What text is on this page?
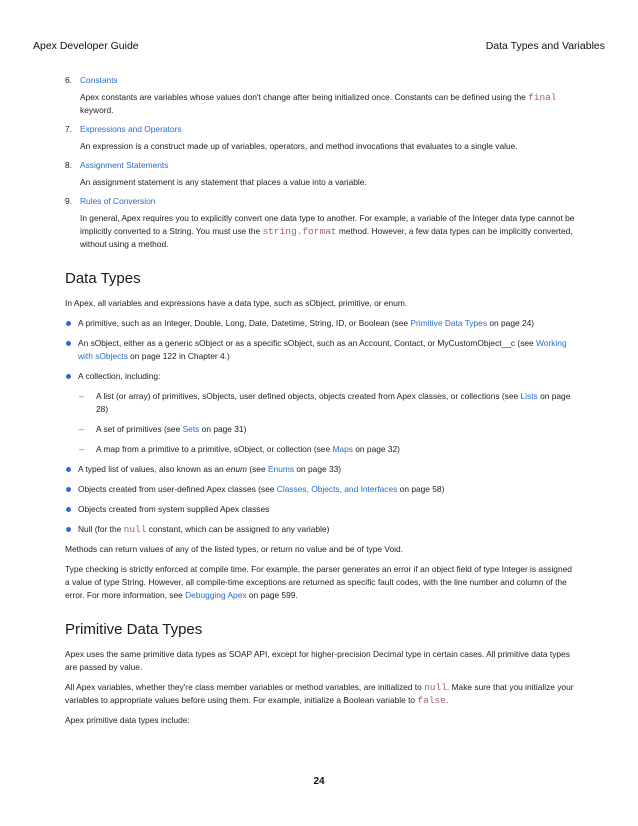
Apex Developer Guide	Data Types and Variables
6. Constants
Apex constants are variables whose values don't change after being initialized once. Constants can be defined using the final keyword.
7. Expressions and Operators
An expression is a construct made up of variables, operators, and method invocations that evaluates to a single value.
8. Assignment Statements
An assignment statement is any statement that places a value into a variable.
9. Rules of Conversion
In general, Apex requires you to explicitly convert one data type to another. For example, a variable of the Integer data type cannot be implicitly converted to a String. You must use the string.format method. However, a few data types can be implicitly converted, without using a method.
Data Types

In Apex, all variables and expressions have a data type, such as sObject, primitive, or enum.

A primitive, such as an Integer, Double, Long, Date, Datetime, String, ID, or Boolean (see Primitive Data Types on page 24)
An sObject, either as a generic sObject or as a specific sObject, such as an Account, Contact, or MyCustomObject__c (see Working with sObjects on page 122 in Chapter 4.)
A collection, including:
– A list (or array) of primitives, sObjects, user defined objects, objects created from Apex classes, or collections (see Lists on page 28)
– A set of primitives (see Sets on page 31)
– A map from a primitive to a primitive, sObject, or collection (see Maps on page 32)
A typed list of values, also known as an enum (see Enums on page 33)
Objects created from user-defined Apex classes (see Classes, Objects, and Interfaces on page 58)
Objects created from system supplied Apex classes
Null (for the null constant, which can be assigned to any variable)

Methods can return values of any of the listed types, or return no value and be of type Void.

Type checking is strictly enforced at compile time. For example, the parser generates an error if an object field of type Integer is assigned a value of type String. However, all compile-time exceptions are returned as specific fault codes, with the line number and column of the error. For more information, see Debugging Apex on page 599.

Primitive Data Types

Apex uses the same primitive data types as SOAP API, except for higher-precision Decimal type in certain cases. All primitive data types are passed by value.

All Apex variables, whether they're class member variables or method variables, are initialized to null. Make sure that you initialize your variables to appropriate values before using them. For example, initialize a Boolean variable to false.

Apex primitive data types include:

24
